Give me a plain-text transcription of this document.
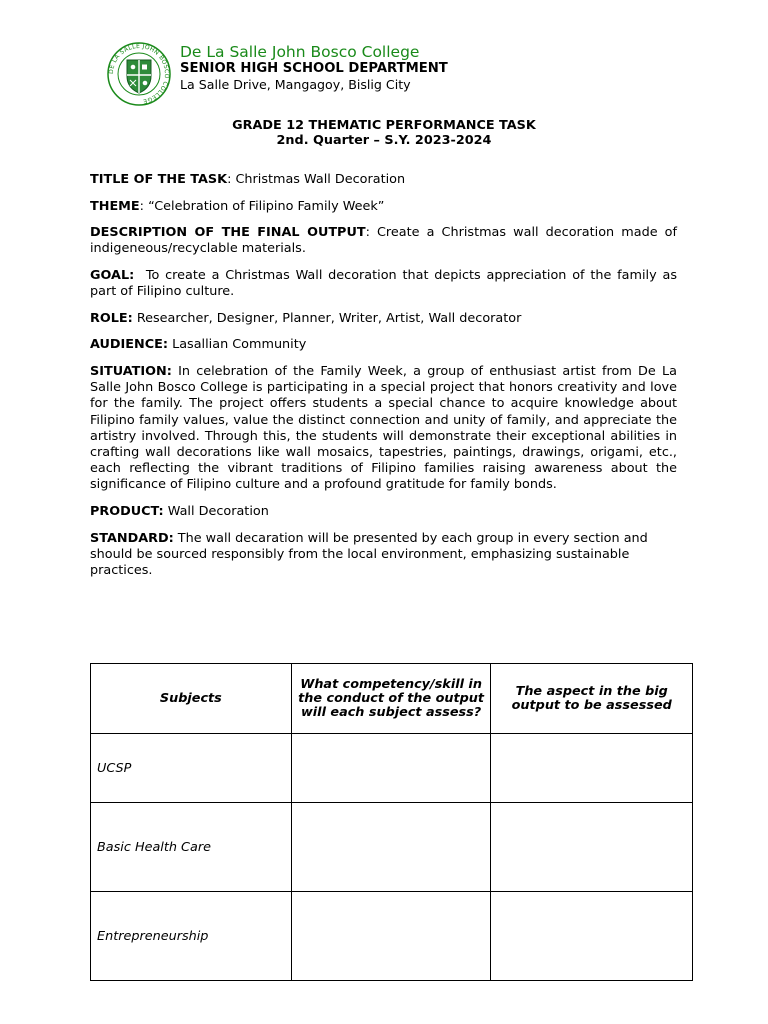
DE LA SALLE JOHN BOSCO COLLEGE
De La Salle John Bosco College
SENIOR HIGH SCHOOL DEPARTMENT
La Salle Drive, Mangagoy, Bislig City
GRADE 12 THEMATIC PERFORMANCE TASK
2nd. Quarter – S.Y. 2023-2024

TITLE OF THE TASK: Christmas Wall Decoration

THEME: “Celebration of Filipino Family Week”

DESCRIPTION OF THE FINAL OUTPUT: Create a Christmas wall decoration made of indigeneous/recyclable materials.

GOAL: To create a Christmas Wall decoration that depicts appreciation of the family as part of Filipino culture.

ROLE: Researcher, Designer, Planner, Writer, Artist, Wall decorator

AUDIENCE: Lasallian Community

SITUATION: In celebration of the Family Week, a group of enthusiast artist from De La Salle John Bosco College is participating in a special project that honors creativity and love for the family. The project offers students a special chance to acquire knowledge about Filipino family values, value the distinct connection and unity of family, and appreciate the artistry involved. Through this, the students will demonstrate their exceptional abilities in crafting wall decorations like wall mosaics, tapestries, paintings, drawings, origami, etc., each reflecting the vibrant traditions of Filipino families raising awareness about the significance of Filipino culture and a profound gratitude for family bonds.

PRODUCT: Wall Decoration

STANDARD: The wall decaration will be presented by each group in every section and should be sourced responsibly from the local environment, emphasizing sustainable practices.

Subjects	What competency/skill in the conduct of the output will each subject assess?	The aspect in the big output to be assessed
UCSP		
Basic Health Care		
Entrepreneurship		
